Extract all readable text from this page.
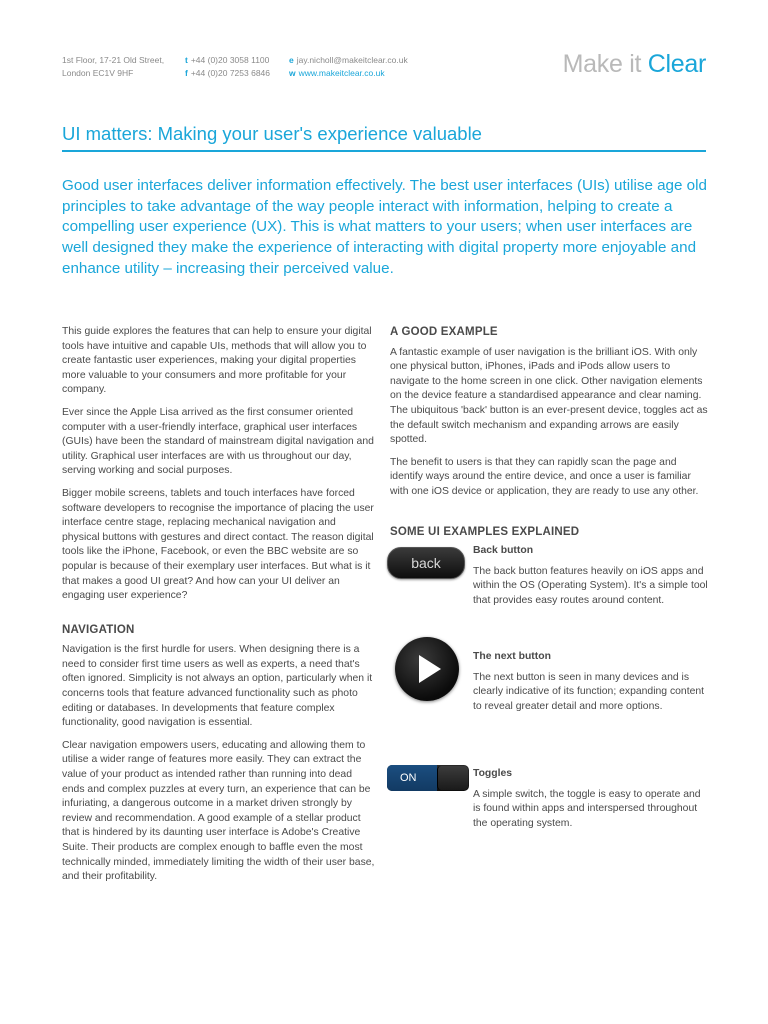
1st Floor, 17-21 Old Street,
London EC1V 9HF
t +44 (0)20 3058 1100
f +44 (0)20 7253 6846
e jay.nicholl@makeitclear.co.uk
w www.makeitclear.co.uk	Make it Clear
UI matters: Making your user's experience valuable

Good user interfaces deliver information effectively. The best user interfaces (UIs) utilise age old principles to take advantage of the way people interact with information, helping to create a compelling user experience (UX). This is what matters to your users; when user interfaces are well designed they make the experience of interacting with digital property more enjoyable and enhance utility – increasing their perceived value.

This guide explores the features that can help to ensure your digital tools have intuitive and capable UIs, methods that will allow you to create fantastic user experiences, making your digital properties more valuable to your consumers and more profitable for your company.

Ever since the Apple Lisa arrived as the first consumer oriented computer with a user-friendly interface, graphical user interfaces (GUIs) have been the standard of mainstream digital navigation and utility. Graphical user interfaces are with us throughout our day, serving working and social purposes.

Bigger mobile screens, tablets and touch interfaces have forced software developers to recognise the importance of placing the user interface centre stage, replacing mechanical navigation and physical buttons with gestures and direct contact. The reason digital tools like the iPhone, Facebook, or even the BBC website are so popular is because of their exemplary user interfaces. But what is it that makes a good UI great? And how can your UI deliver an engaging user experience?

NAVIGATION

Navigation is the first hurdle for users. When designing there is a need to consider first time users as well as experts, a need that's often ignored. Simplicity is not always an option, particularly when it concerns tools that feature advanced functionality such as photo editing or databases. In developments that feature complex functionality, good navigation is essential.

Clear navigation empowers users, educating and allowing them to utilise a wider range of features more easily. They can extract the value of your product as intended rather than running into dead ends and complex puzzles at every turn, an experience that can be infuriating, a dangerous outcome in a market driven strongly by review and recommendation. A good example of a stellar product that is hindered by its daunting user interface is Adobe's Creative Suite. Their products are complex enough to baffle even the most technically minded, immediately limiting the width of their user base, and their profitability.

A GOOD EXAMPLE

A fantastic example of user navigation is the brilliant iOS. With only one physical button, iPhones, iPads and iPods allow users to navigate to the home screen in one click. Other navigation elements on the device feature a standardised appearance and clear naming. The ubiquitous 'back' button is an ever-present device, toggles act as the default switch mechanism and expanding arrows are easily spotted.

The benefit to users is that they can rapidly scan the page and identify ways around the entire device, and once a user is familiar with one iOS device or application, they are ready to use any other.

SOME UI EXAMPLES EXPLAINED
back
Back button

The back button features heavily on iOS apps and within the OS (Operating System). It's a simple tool that provides easy routes around content.

The next button

The next button is seen in many devices and is clearly indicative of its function; expanding content to reveal greater detail and more options.

ON	Toggles

A simple switch, the toggle is easy to operate and is found within apps and interspersed throughout the operating system.
